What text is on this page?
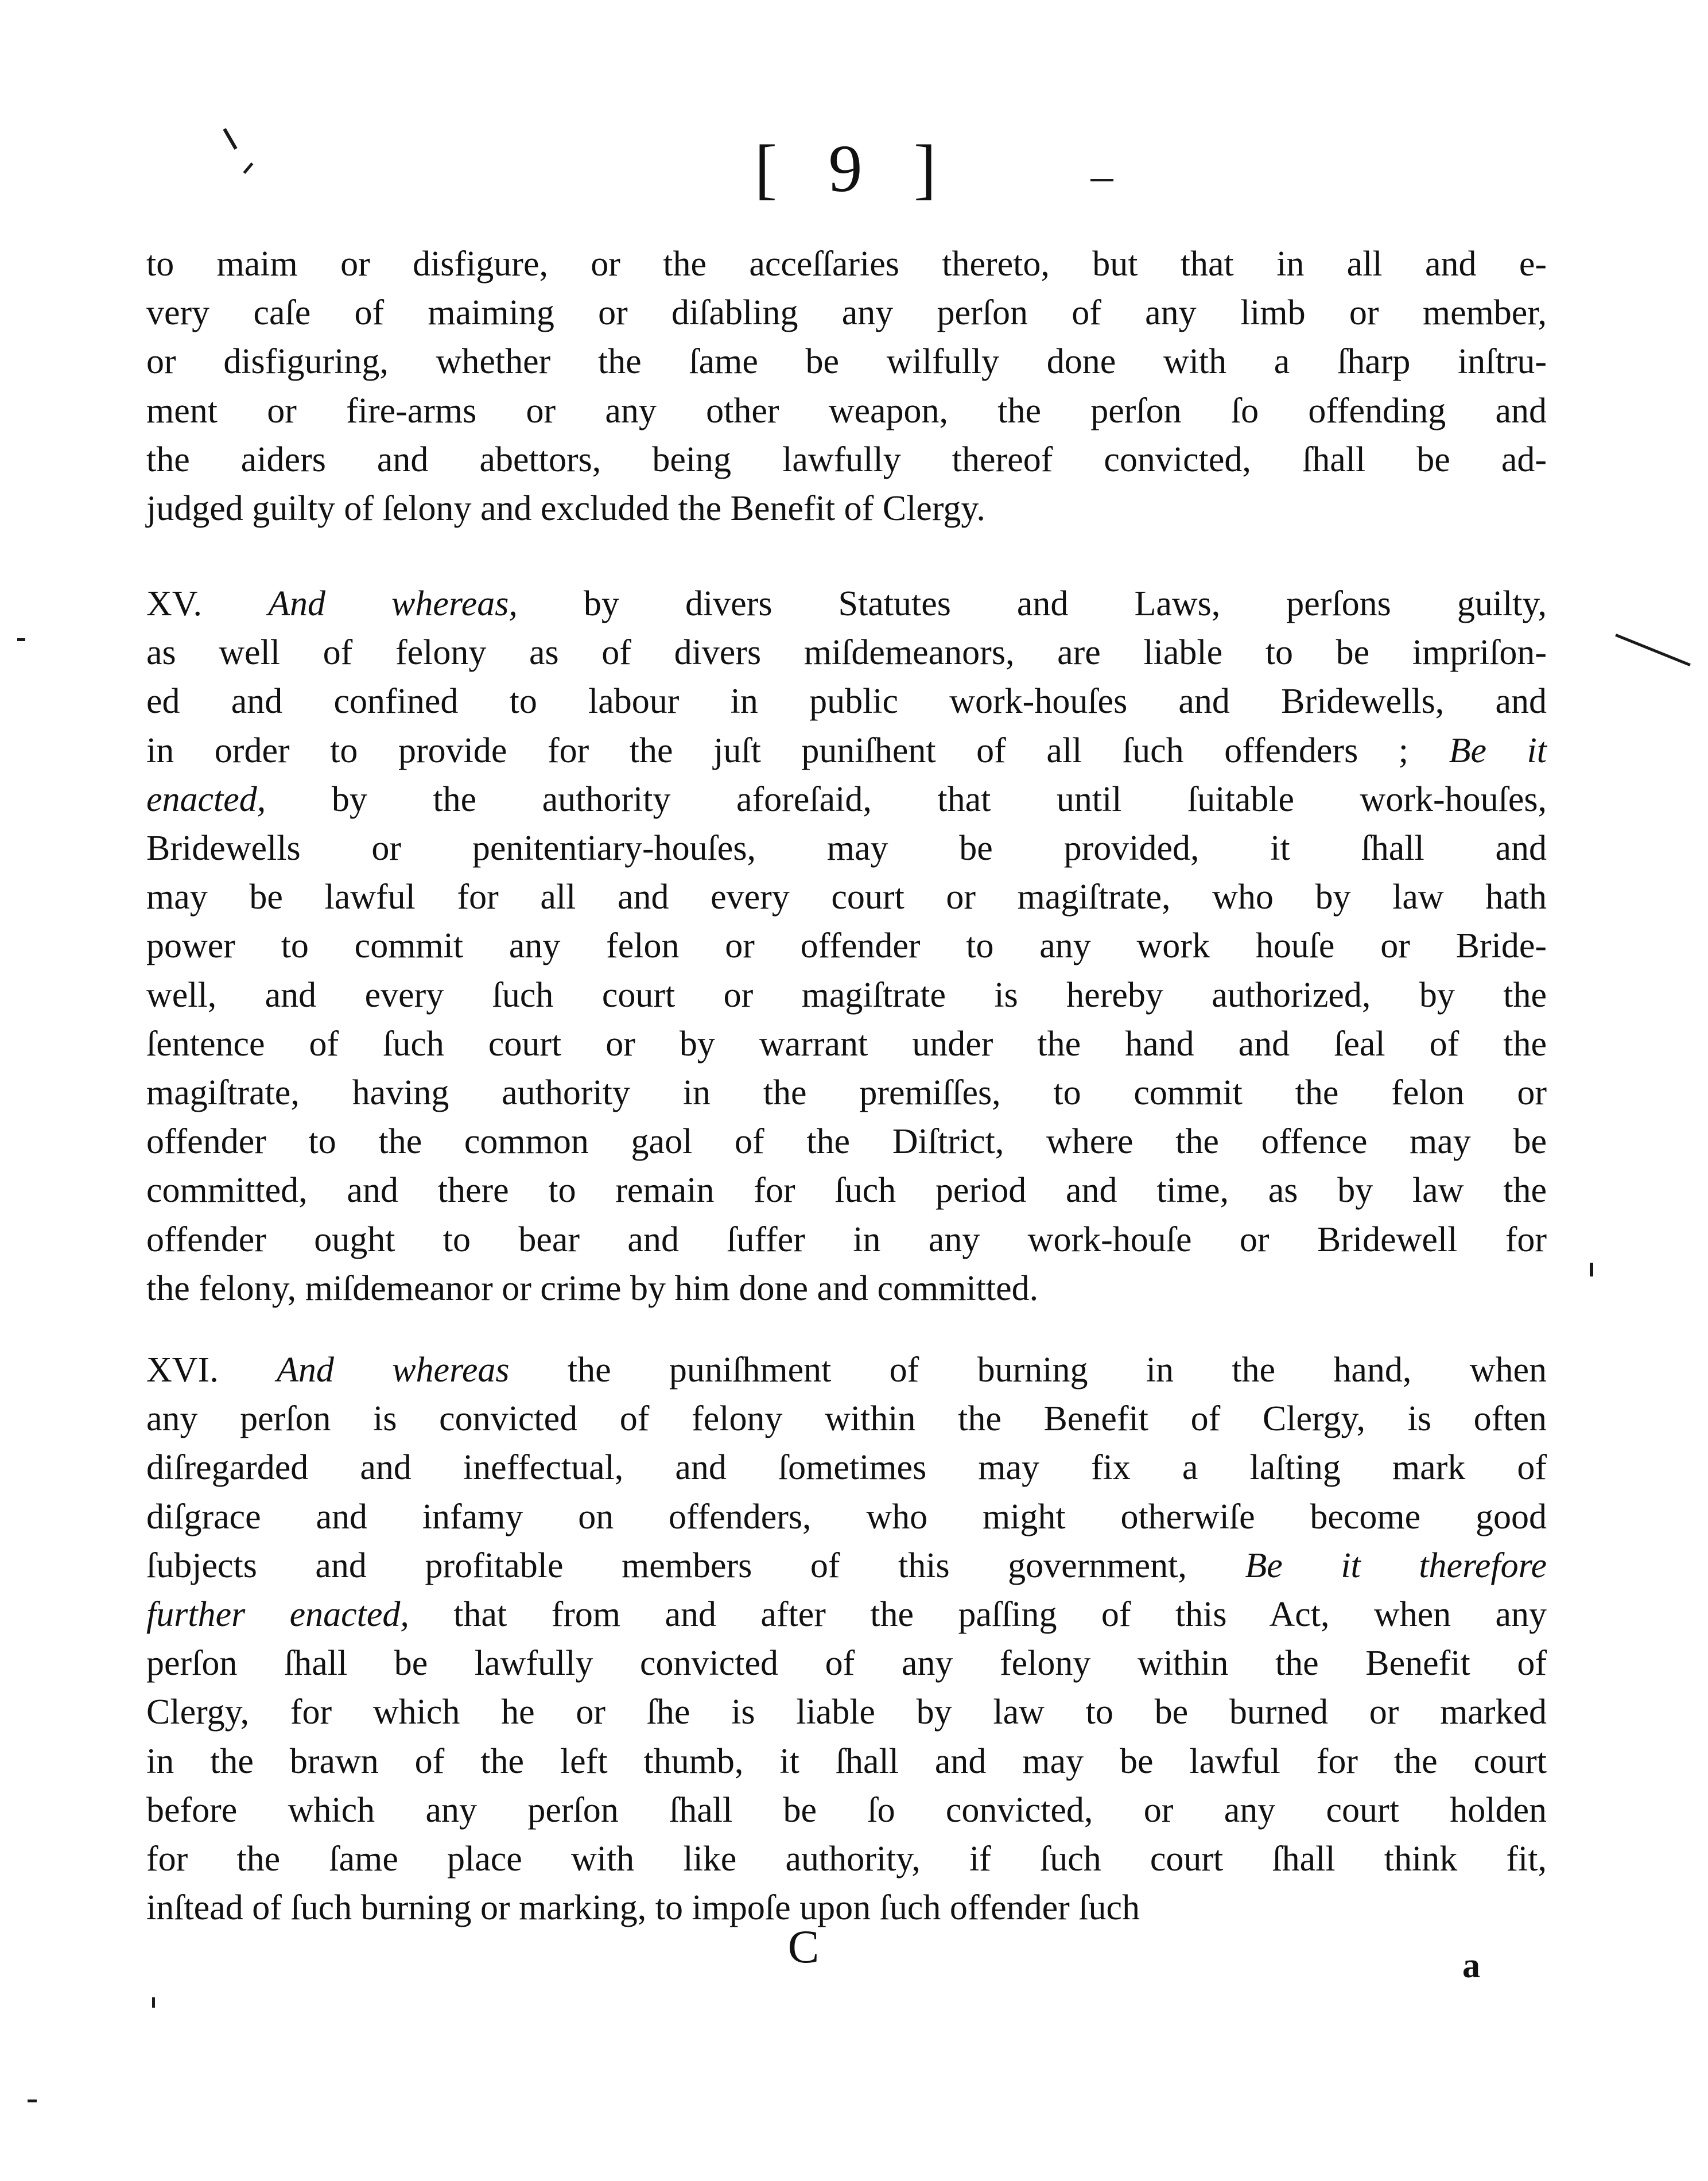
[ 9 ]
to maim or disfigure, or the acceſſaries thereto, but that in all and e-
very caſe of maiming or diſabling any perſon of any limb or member,
or disfiguring, whether the ſame be wilfully done with a ſharp inſtru-
ment or fire-arms or any other weapon, the perſon ſo offending and
the aiders and abettors, being lawfully thereof convicted, ſhall be ad-
judged guilty of ſelony and excluded the Benefit of Clergy.
XV. And whereas, by divers Statutes and Laws, perſons guilty,
as well of felony as of divers miſdemeanors, are liable to be impriſon-
ed and confined to labour in public work-houſes and Bridewells, and
in order to provide for the juſt puniſhent of all ſuch offenders ; Be it
enacted, by the authority aforeſaid, that until ſuitable work-houſes,
Bridewells or penitentiary-houſes, may be provided, it ſhall and
may be lawful for all and every court or magiſtrate, who by law hath
power to commit any felon or offender to any work houſe or Bride-
well, and every ſuch court or magiſtrate is hereby authorized, by the
ſentence of ſuch court or by warrant under the hand and ſeal of the
magiſtrate, having authority in the premiſſes, to commit the felon or
offender to the common gaol of the Diſtrict, where the offence may be
committed, and there to remain for ſuch period and time, as by law the
offender ought to bear and ſuffer in any work-houſe or Bridewell for
the felony, miſdemeanor or crime by him done and committed.
XVI. And whereas the puniſhment of burning in the hand, when
any perſon is convicted of felony within the Benefit of Clergy, is often
diſregarded and ineffectual, and ſometimes may fix a laſting mark of
diſgrace and infamy on offenders, who might otherwiſe become good
ſubjects and profitable members of this government, Be it therefore
further enacted, that from and after the paſſing of this Act, when any
perſon ſhall be lawfully convicted of any felony within the Benefit of
Clergy, for which he or ſhe is liable by law to be burned or marked
in the brawn of the left thumb, it ſhall and may be lawful for the court
before which any perſon ſhall be ſo convicted, or any court holden
for the ſame place with like authority, if ſuch court ſhall think fit,
inſtead of ſuch burning or marking, to impoſe upon ſuch offender ſuch
C	a
